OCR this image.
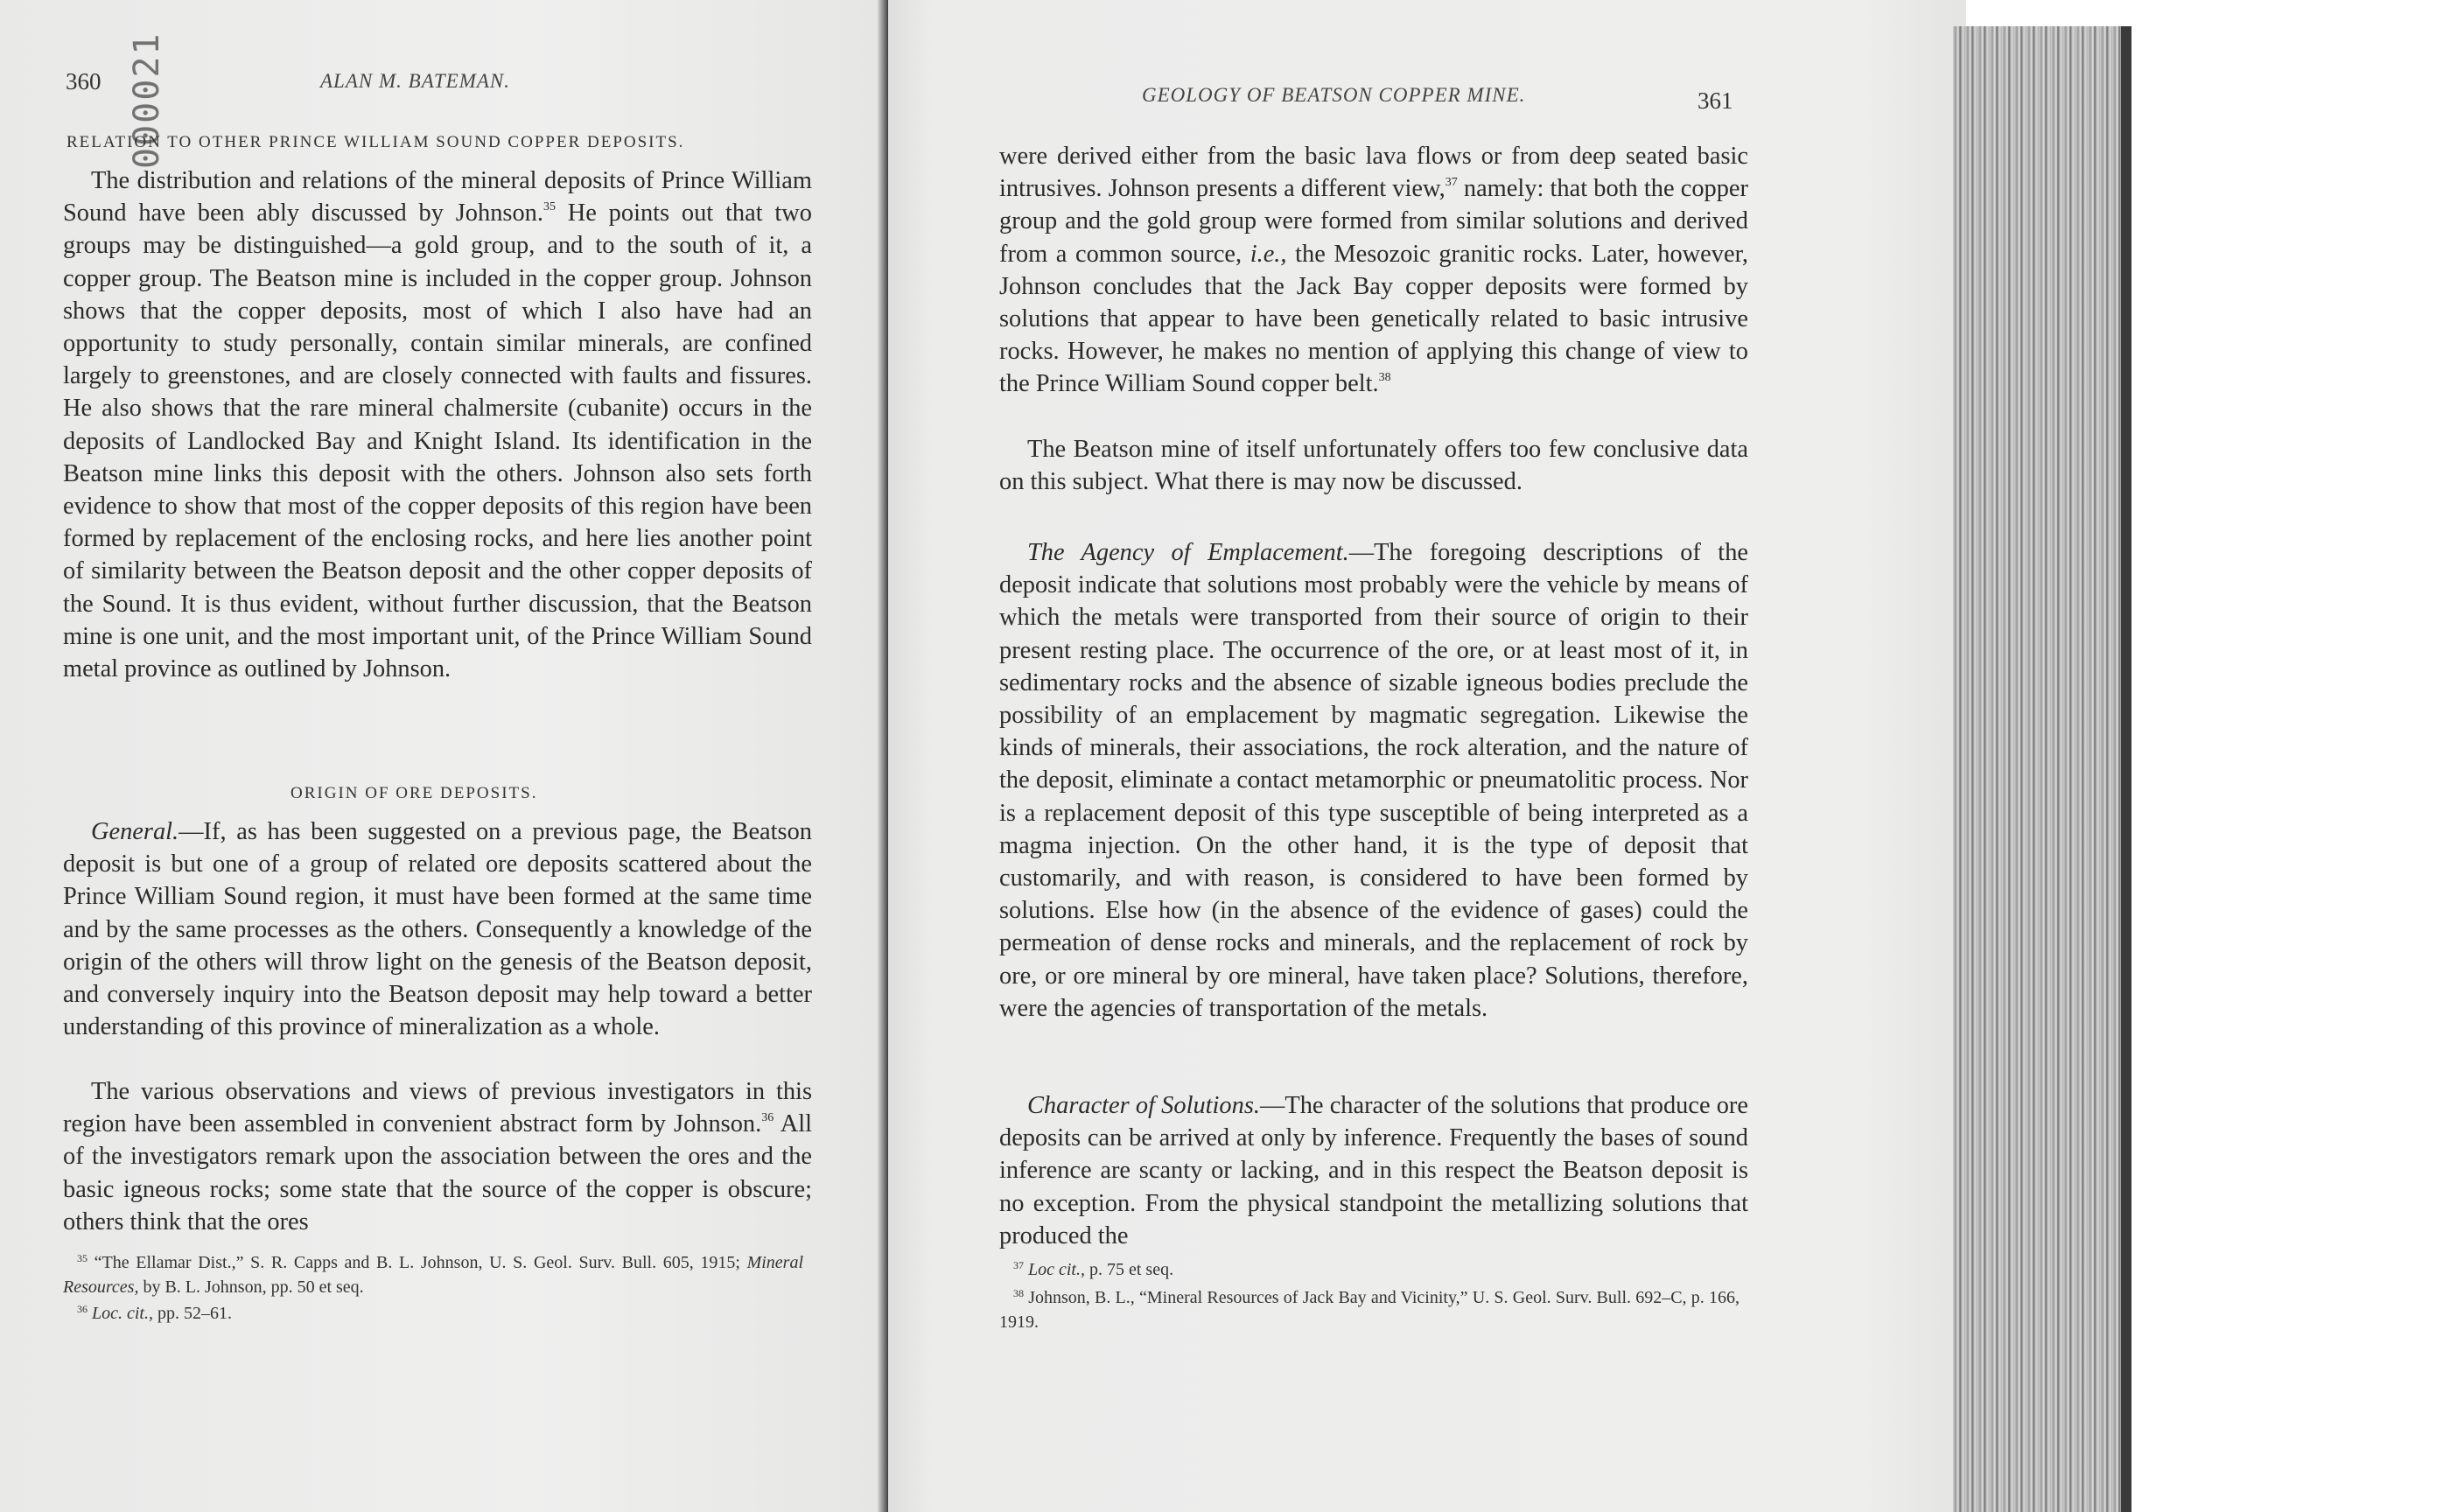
000021
360	ALAN M. BATEMAN.
RELATION TO OTHER PRINCE WILLIAM SOUND COPPER DEPOSITS.

The distribution and relations of the mineral deposits of Prince William Sound have been ably discussed by Johnson.$^{35}$ He points out that two groups may be distinguished—a gold group, and to the south of it, a copper group. The Beatson mine is included in the copper group. Johnson shows that the copper deposits, most of which I also have had an opportunity to study personally, contain similar minerals, are confined largely to greenstones, and are closely connected with faults and fissures. He also shows that the rare mineral chalmersite (cubanite) occurs in the deposits of Landlocked Bay and Knight Island. Its identification in the Beatson mine links this deposit with the others. Johnson also sets forth evidence to show that most of the copper deposits of this region have been formed by replacement of the enclosing rocks, and here lies another point of similarity between the Beatson deposit and the other copper deposits of the Sound. It is thus evident, without further discussion, that the Beatson mine is one unit, and the most important unit, of the Prince William Sound metal province as outlined by Johnson.

ORIGIN OF ORE DEPOSITS.

General.—If, as has been suggested on a previous page, the Beatson deposit is but one of a group of related ore deposits scattered about the Prince William Sound region, it must have been formed at the same time and by the same processes as the others. Consequently a knowledge of the origin of the others will throw light on the genesis of the Beatson deposit, and conversely inquiry into the Beatson deposit may help toward a better understanding of this province of mineralization as a whole.

The various observations and views of previous investigators in this region have been assembled in convenient abstract form by Johnson.$^{36}$ All of the investigators remark upon the association between the ores and the basic igneous rocks; some state that the source of the copper is obscure; others think that the ores

$^{35}$ “The Ellamar Dist.,” S. R. Capps and B. L. Johnson, U. S. Geol. Surv. Bull. 605, 1915; Mineral Resources, by B. L. Johnson, pp. 50 et seq.

$^{36}$ Loc. cit., pp. 52–61.

GEOLOGY OF BEATSON COPPER MINE.	361

were derived either from the basic lava flows or from deep seated basic intrusives. Johnson presents a different view,$^{37}$ namely: that both the copper group and the gold group were formed from similar solutions and derived from a common source, i.e., the Mesozoic granitic rocks. Later, however, Johnson concludes that the Jack Bay copper deposits were formed by solutions that appear to have been genetically related to basic intrusive rocks. However, he makes no mention of applying this change of view to the Prince William Sound copper belt.$^{38}$

The Beatson mine of itself unfortunately offers too few conclusive data on this subject. What there is may now be discussed.

The Agency of Emplacement.—The foregoing descriptions of the deposit indicate that solutions most probably were the vehicle by means of which the metals were transported from their source of origin to their present resting place. The occurrence of the ore, or at least most of it, in sedimentary rocks and the absence of sizable igneous bodies preclude the possibility of an emplacement by magmatic segregation. Likewise the kinds of minerals, their associations, the rock alteration, and the nature of the deposit, eliminate a contact metamorphic or pneumatolitic process. Nor is a replacement deposit of this type susceptible of being interpreted as a magma injection. On the other hand, it is the type of deposit that customarily, and with reason, is considered to have been formed by solutions. Else how (in the absence of the evidence of gases) could the permeation of dense rocks and minerals, and the replacement of rock by ore, or ore mineral by ore mineral, have taken place? Solutions, therefore, were the agencies of transportation of the metals.

Character of Solutions.—The character of the solutions that produce ore deposits can be arrived at only by inference. Frequently the bases of sound inference are scanty or lacking, and in this respect the Beatson deposit is no exception. From the physical standpoint the metallizing solutions that produced the

$^{37}$ Loc cit., p. 75 et seq.

$^{38}$ Johnson, B. L., “Mineral Resources of Jack Bay and Vicinity,” U. S. Geol. Surv. Bull. 692–C, p. 166, 1919.
